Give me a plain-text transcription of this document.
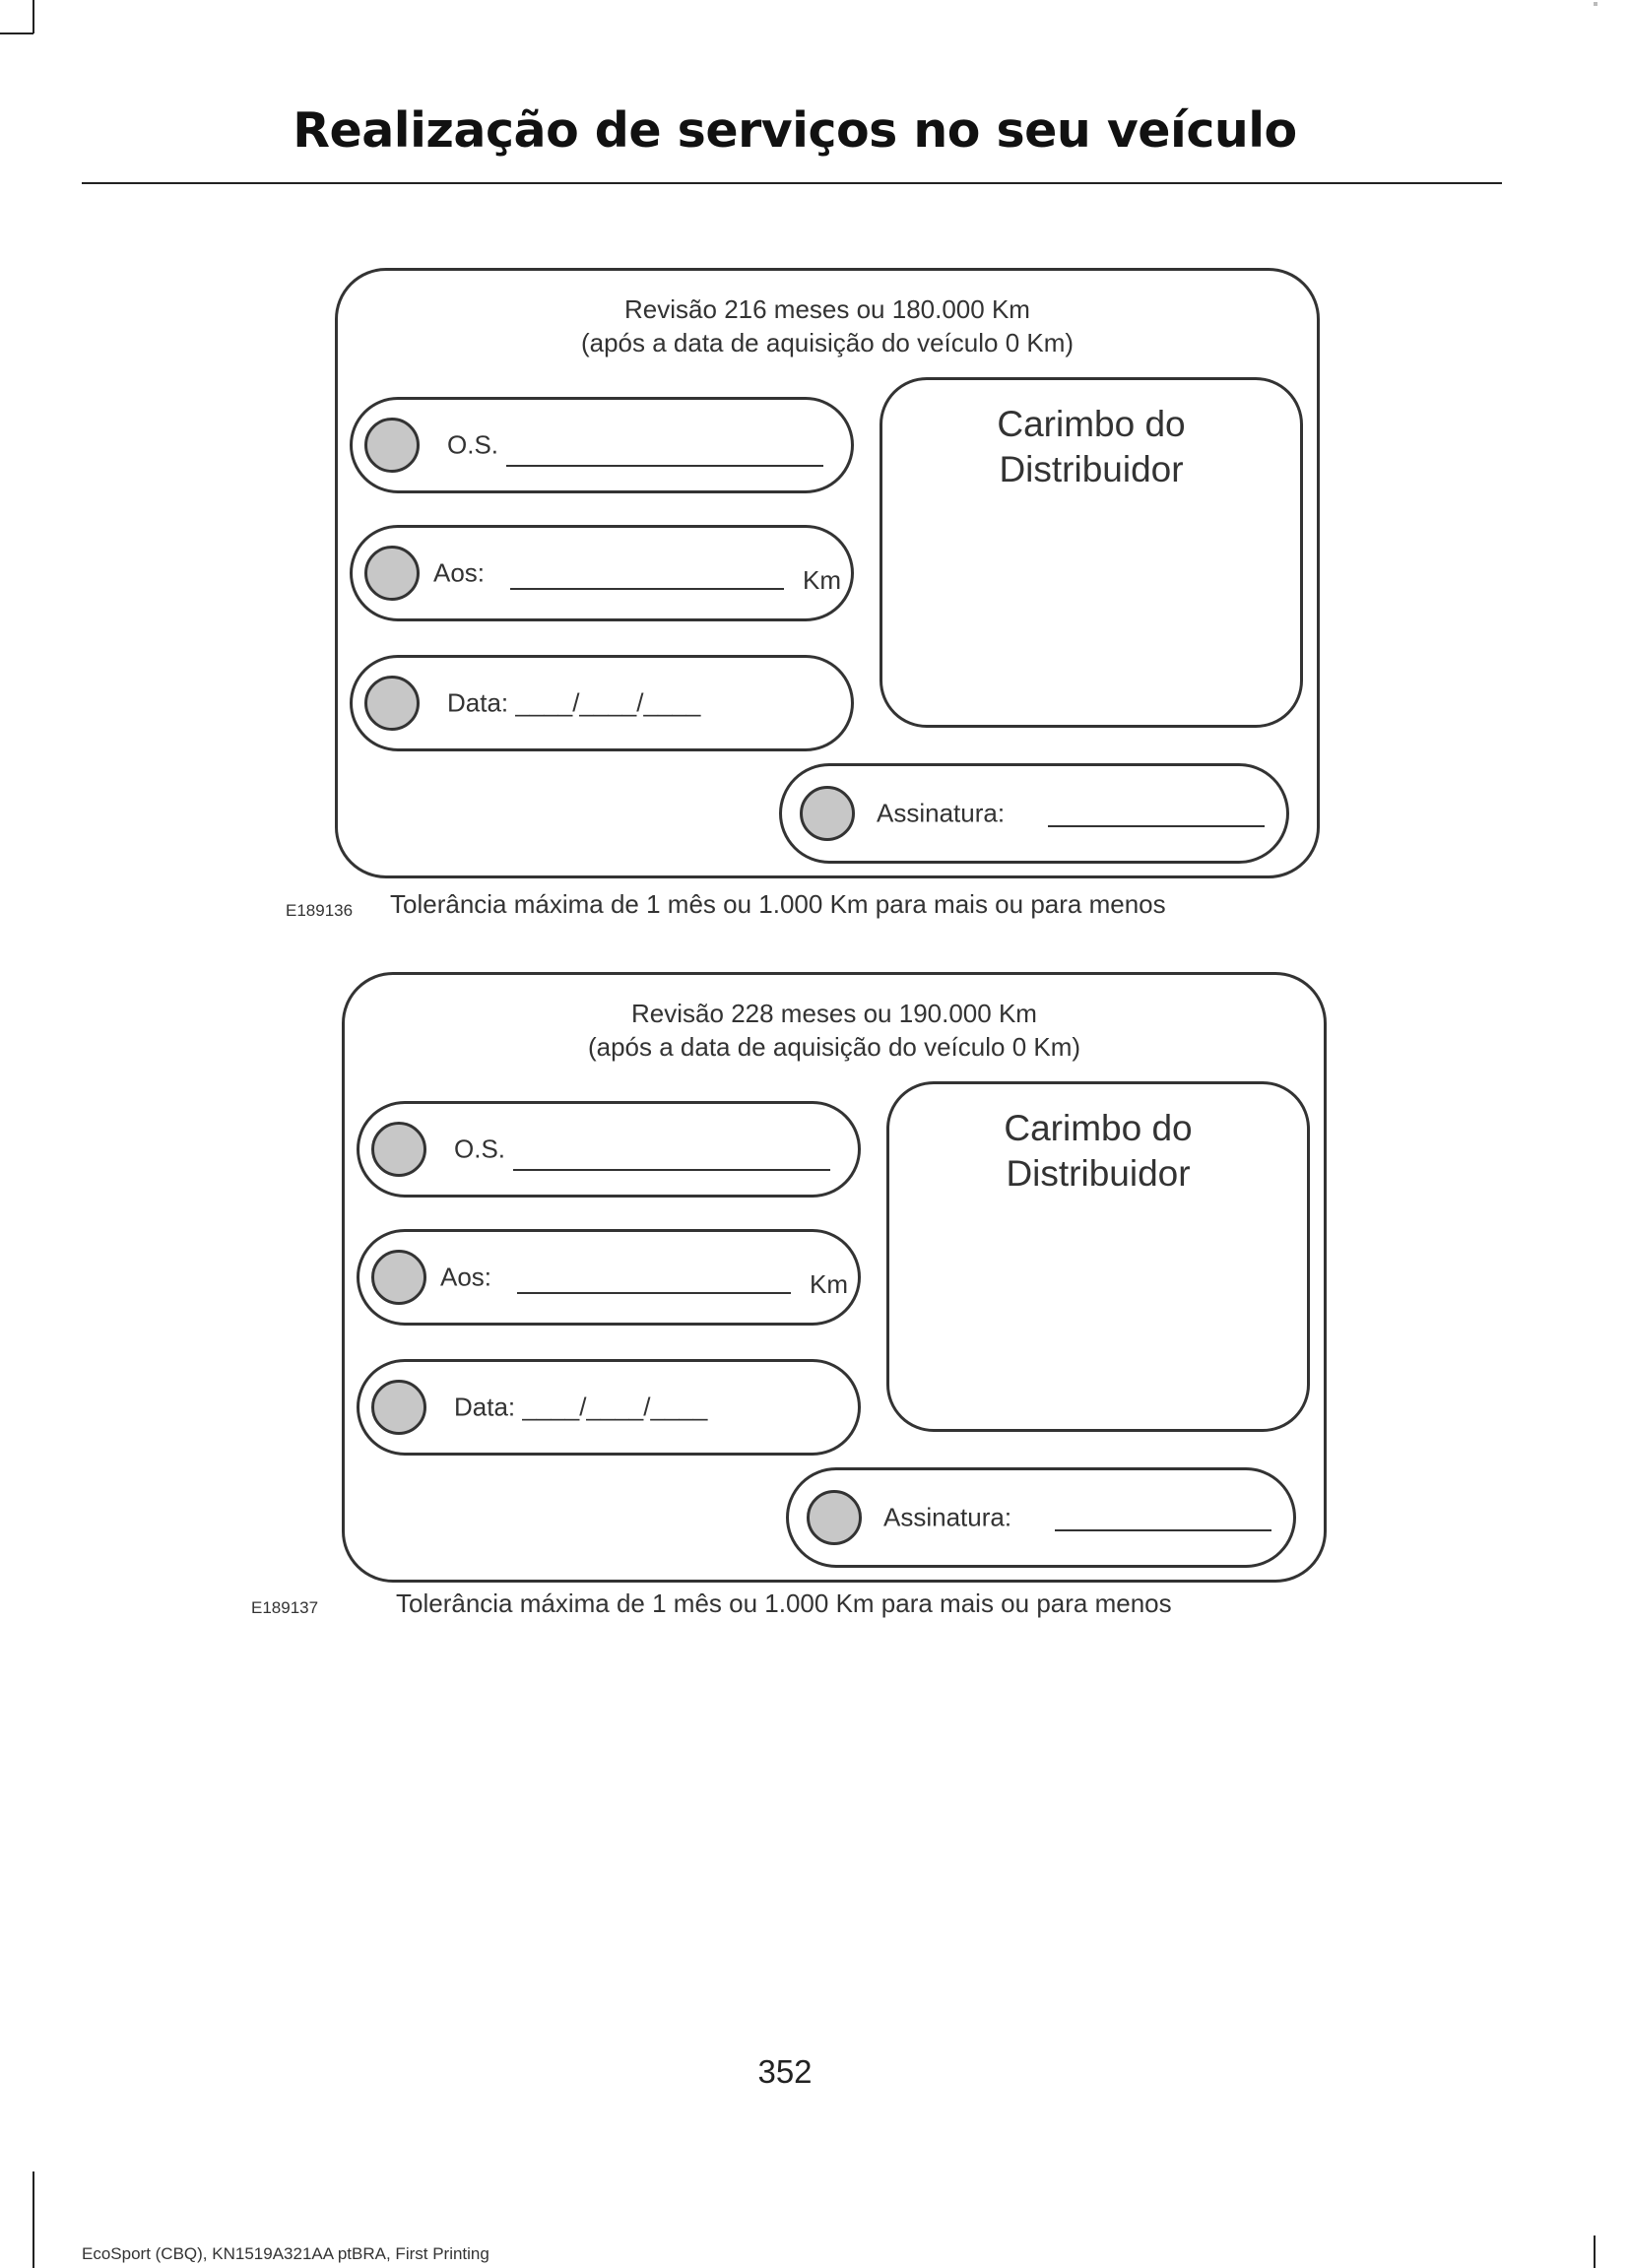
Realização de serviços no seu veículo
Revisão 216 meses ou 180.000 Km
(após a data de aquisição do veículo 0 Km)
O.S.
Aos:	Km
Data: ____/____/____
Carimbo do
Distribuidor
Assinatura:
E189136 Tolerância máxima de 1 mês ou 1.000 Km para mais ou para menos
Revisão 228 meses ou 190.000 Km
(após a data de aquisição do veículo 0 Km)
O.S.
Aos:	Km
Data: ____/____/____
Carimbo do
Distribuidor
Assinatura:
E189137	Tolerância máxima de 1 mês ou 1.000 Km para mais ou para menos
352
EcoSport (CBQ), KN1519A321AA ptBRA, First Printing
